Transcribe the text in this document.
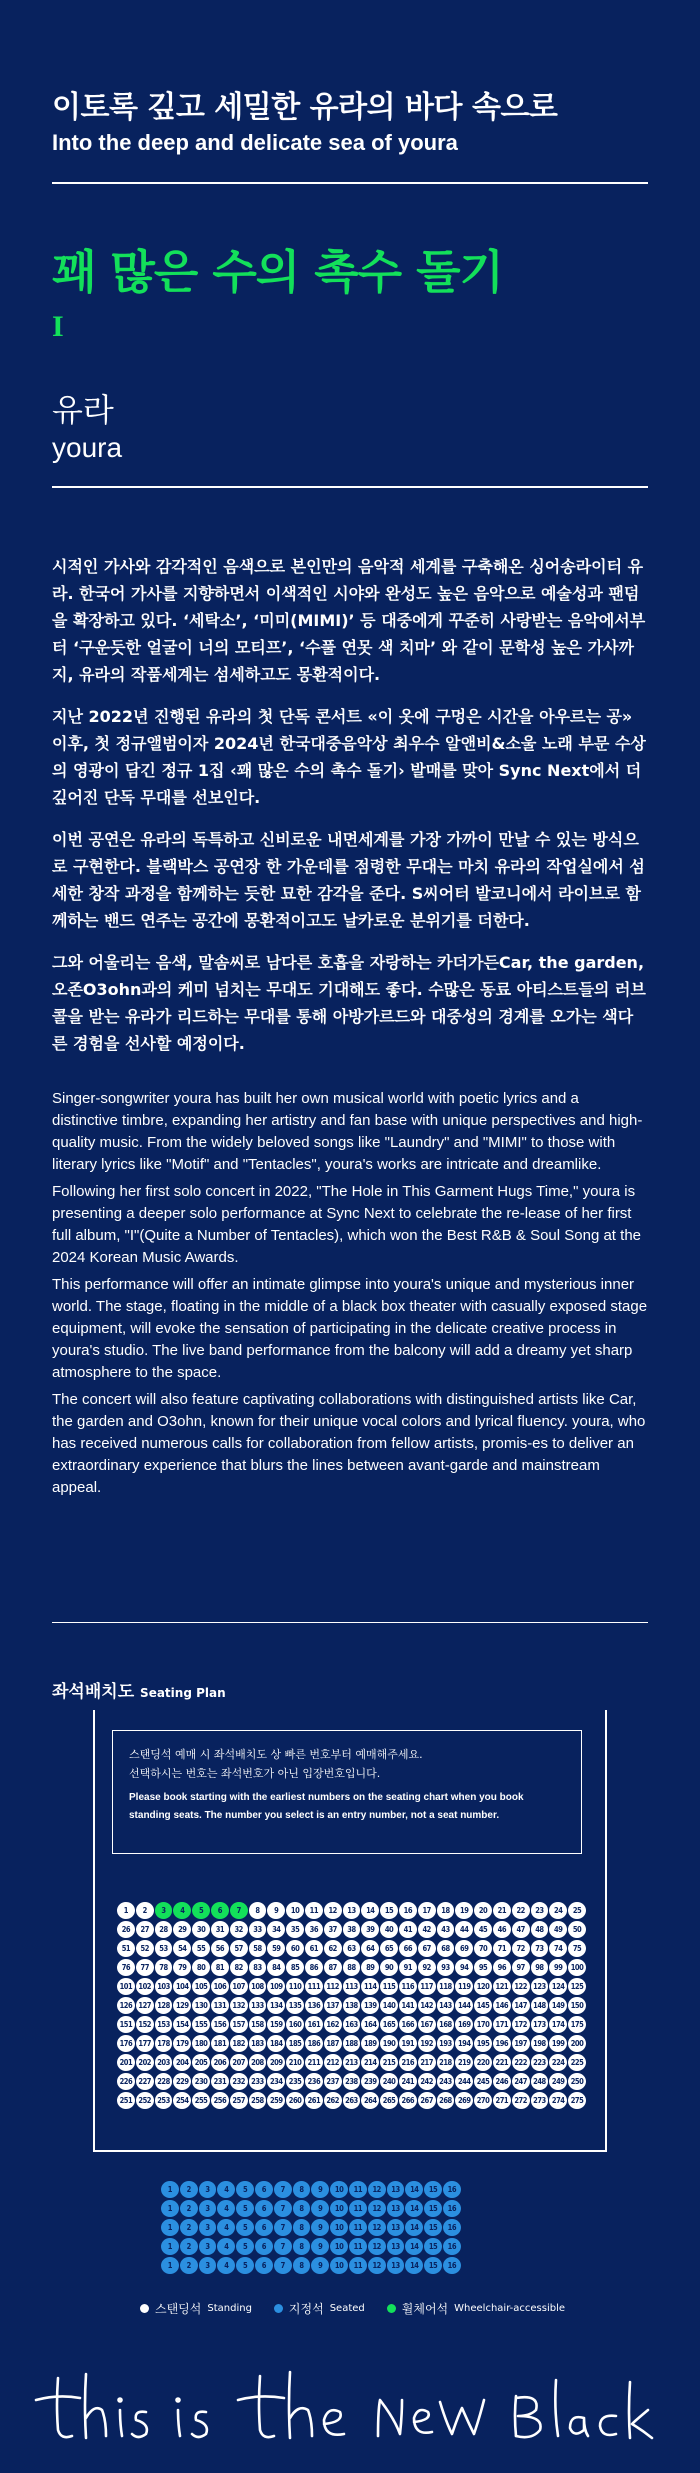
이토록 깊고 세밀한 유라의 바다 속으로
Into the deep and delicate sea of youra
꽤 많은 수의 촉수 돌기
I
유라
youra

시적인 가사와 감각적인 음색으로 본인만의 음악적 세계를 구축해온 싱어송라이터 유라. 한국어 가사를 지향하면서 이색적인 시야와 완성도 높은 음악으로 예술성과 팬덤을 확장하고 있다. ‘세탁소’, ‘미미(MIMI)’ 등 대중에게 꾸준히 사랑받는 음악에서부터 ‘구운듯한 얼굴이 너의 모티프’, ‘수풀 연못 색 치마’ 와 같이 문학성 높은 가사까지, 유라의 작품세계는 섬세하고도 몽환적이다.

지난 2022년 진행된 유라의 첫 단독 콘서트 «이 옷에 구멍은 시간을 아우르는 공» 이후, 첫 정규앨범이자 2024년 한국대중음악상 최우수 알앤비&소울 노래 부문 수상의 영광이 담긴 정규 1집 ‹꽤 많은 수의 촉수 돌기› 발매를 맞아 Sync Next에서 더 깊어진 단독 무대를 선보인다.

이번 공연은 유라의 독특하고 신비로운 내면세계를 가장 가까이 만날 수 있는 방식으로 구현한다. 블랙박스 공연장 한 가운데를 점령한 무대는 마치 유라의 작업실에서 섬세한 창작 과정을 함께하는 듯한 묘한 감각을 준다. S씨어터 발코니에서 라이브로 함께하는 밴드 연주는 공간에 몽환적이고도 날카로운 분위기를 더한다.

그와 어울리는 음색, 말솜씨로 남다른 호흡을 자랑하는 카더가든Car, the garden, 오존O3ohn과의 케미 넘치는 무대도 기대해도 좋다. 수많은 동료 아티스트들의 러브콜을 받는 유라가 리드하는 무대를 통해 아방가르드와 대중성의 경계를 오가는 색다른 경험을 선사할 예정이다.

Singer-songwriter youra has built her own musical world with poetic lyrics and a distinctive timbre, expanding her artistry and fan base with unique perspectives and high-quality music. From the widely beloved songs like "Laundry" and "MIMI" to those with literary lyrics like "Motif" and "Tentacles", youra's works are intricate and dreamlike.

Following her first solo concert in 2022, "The Hole in This Garment Hugs Time," youra is presenting a deeper solo performance at Sync Next to celebrate the re-lease of her first full album, "I"(Quite a Number of Tentacles), which won the Best R&B & Soul Song at the 2024 Korean Music Awards.

This performance will offer an intimate glimpse into youra's unique and mysterious inner world. The stage, floating in the middle of a black box theater with casually exposed stage equipment, will evoke the sensation of participating in the delicate creative process in youra's studio. The live band performance from the balcony will add a dreamy yet sharp atmosphere to the space.

The concert will also feature captivating collaborations with distinguished artists like Car, the garden and O3ohn, known for their unique vocal colors and lyrical fluency. youra, who has received numerous calls for collaboration from fellow artists, promis-es to deliver an extraordinary experience that blurs the lines between avant-garde and mainstream appeal.

좌석배치도 Seating Plan
스탠딩석 예매 시 좌석배치도 상 빠른 번호부터 예매해주세요.
선택하시는 번호는 좌석번호가 아닌 입장번호입니다.
Please book starting with the earliest numbers on the seating chart when you book standing seats. The number you select is an entry number, not a seat number.
1	2	3	4	5	6	7	8	9	10	11	12	13	14	15	16	17	18	19	20	21	22	23	24	25
26	27	28	29	30	31	32	33	34	35	36	37	38	39	40	41	42	43	44	45	46	47	48	49	50
51	52	53	54	55	56	57	58	59	60	61	62	63	64	65	66	67	68	69	70	71	72	73	74	75
76	77	78	79	80	81	82	83	84	85	86	87	88	89	90	91	92	93	94	95	96	97	98	99	100
101 102 103 104 105 106 107 108 109 110 111 112 113 114 115 116 117 118 119 120 121 122 123 124 125
126 127 128 129 130 131 132 133 134 135 136 137 138 139 140 141 142 143 144 145 146 147 148 149 150
151 152 153 154 155 156 157 158 159 160 161 162 163 164 165 166 167 168 169 170 171 172 173 174 175
176 177 178 179 180 181 182 183 184 185 186 187 188 189 190 191 192 193 194 195 196 197 198 199 200
201 202 203 204 205 206 207 208 209 210 211 212 213 214 215 216 217 218 219 220 221 222 223 224 225
226 227 228 229 230 231 232 233 234 235 236 237 238 239 240 241 242 243 244 245 246 247 248 249 250
251 252 253 254 255 256 257 258 259 260 261 262 263 264 265 266 267 268 269 270 271 272 273 274 275
1	2	3	4	5	6	7	8	9	10	11	12	13	14	15	16
1	2	3	4	5	6	7	8	9	10	11	12	13	14	15	16
1	2	3	4	5	6	7	8	9	10	11	12	13	14	15	16
1	2	3	4	5	6	7	8	9	10	11	12	13	14	15	16
1	2	3	4	5	6	7	8	9	10	11	12	13	14	15	16
스탠딩석 Standing	지정석 Seated	휠체어석 Wheelchair-accessible
